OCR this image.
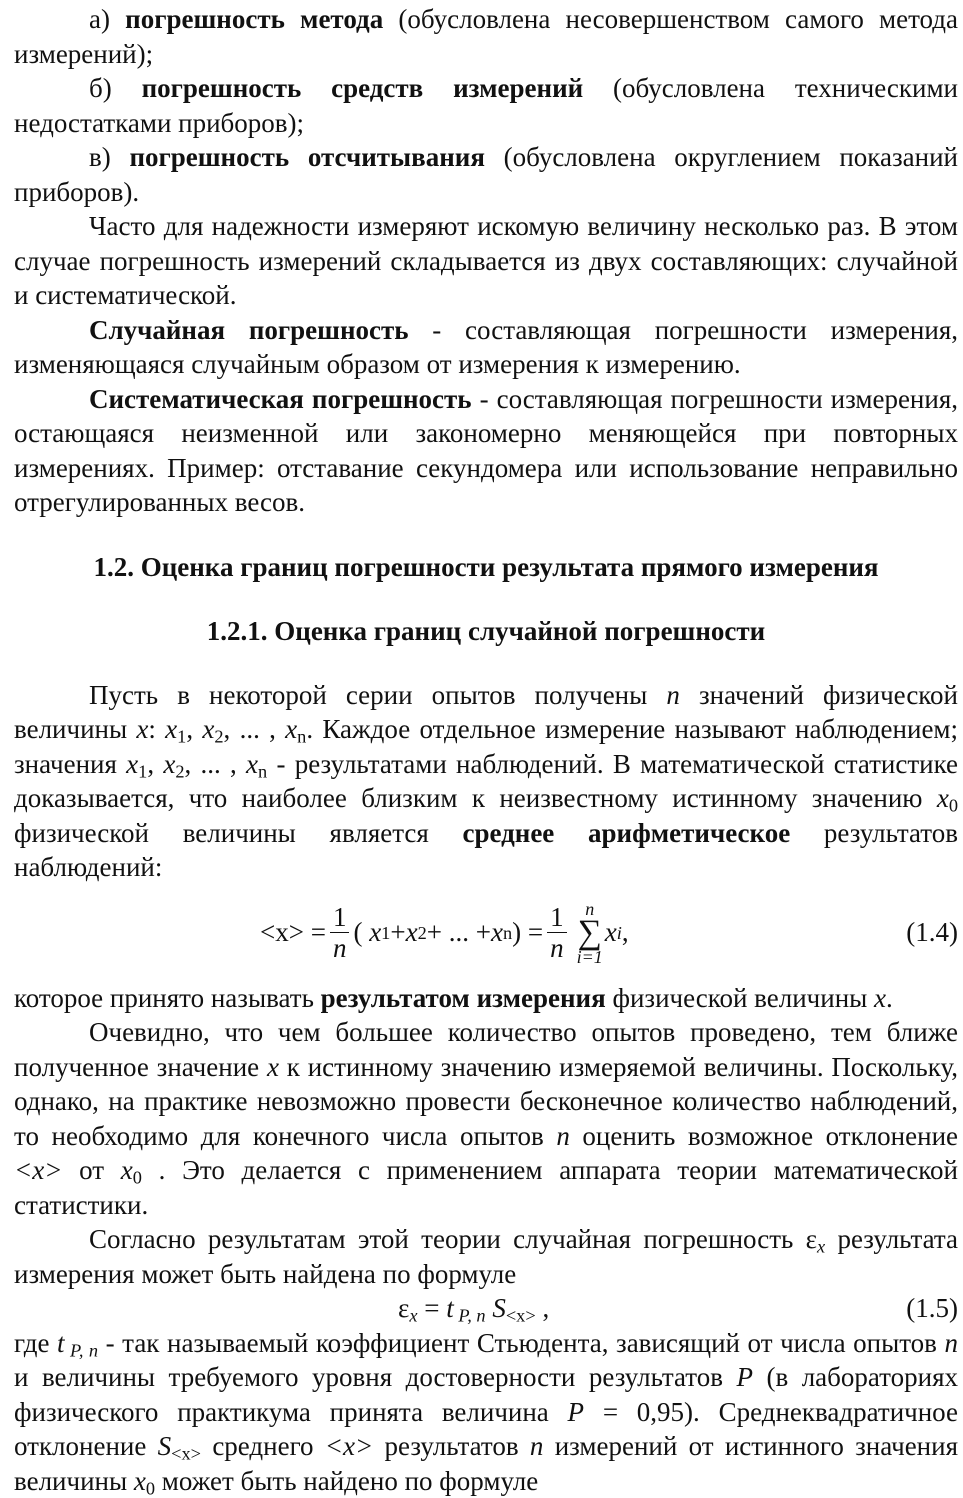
а) погрешность метода (обусловлена несовершенством самого метода измерений);

б) погрешность средств измерений (обусловлена техническими недостатками приборов);

в) погрешность отсчитывания (обусловлена округлением показаний приборов).

Часто для надежности измеряют искомую величину несколько раз. В этом случае погрешность измерений складывается из двух составляющих: случайной и систематической.

Случайная погрешность - составляющая погрешности измерения, изменяющаяся случайным образом от измерения к измерению.

Систематическая погрешность - составляющая погрешности измерения, остающаяся неизменной или закономерно меняющейся при повторных измерениях. Пример: отставание секундомера или использование неправильно отрегулированных весов.

1.2. Оценка границ погрешности результата прямого измерения
1.2.1. Оценка границ случайной погрешности

Пусть в некоторой серии опытов получены n значений физической величины x: $x_1$, $x_2$, ... , $x_n$. Каждое отдельное измерение называют наблюдением; значения $x_1$, $x_2$, ... , $x_n$ - результатами наблюдений. В математической статистике доказывается, что наиболее близким к неизвестному истинному значению $x_0$ физической величины является среднее арифметическое результатов наблюдений:

$<x> = \frac{1}{n}$ (
x 1 + x 2 + ... + x n ) = $\frac{1}{n}$ n
∑
i=1
x i ,	(1.4)

которое принято называть результатом измерения физической величины x.

Очевидно, что чем большее количество опытов проведено, тем ближе полученное значение x к истинному значению измеряемой величины. Поскольку, однако, на практике невозможно провести бесконечное количество наблюдений, то необходимо для конечного числа опытов n оценить возможное отклонение <x> от $x_0$ . Это делается с применением аппарата теории математической статистики.

Согласно результатам этой теории случайная погрешность $\varepsilon_x$ результата измерения может быть найдена по формуле

$\varepsilon_x = t$ $_{P, n}$ $S_{<x>}$ ,	(1.5)

где t $_{P, n}$ - так называемый коэффициент Стьюдента, зависящий от числа опытов n и величины требуемого уровня достоверности результатов P (в лабораториях физического практикума принята величина P = 0,95). Среднеквадратичное отклонение $S_{<x>}$ среднего <x> результатов n измерений от истинного значения величины $x_0$ может быть найдено по формуле
